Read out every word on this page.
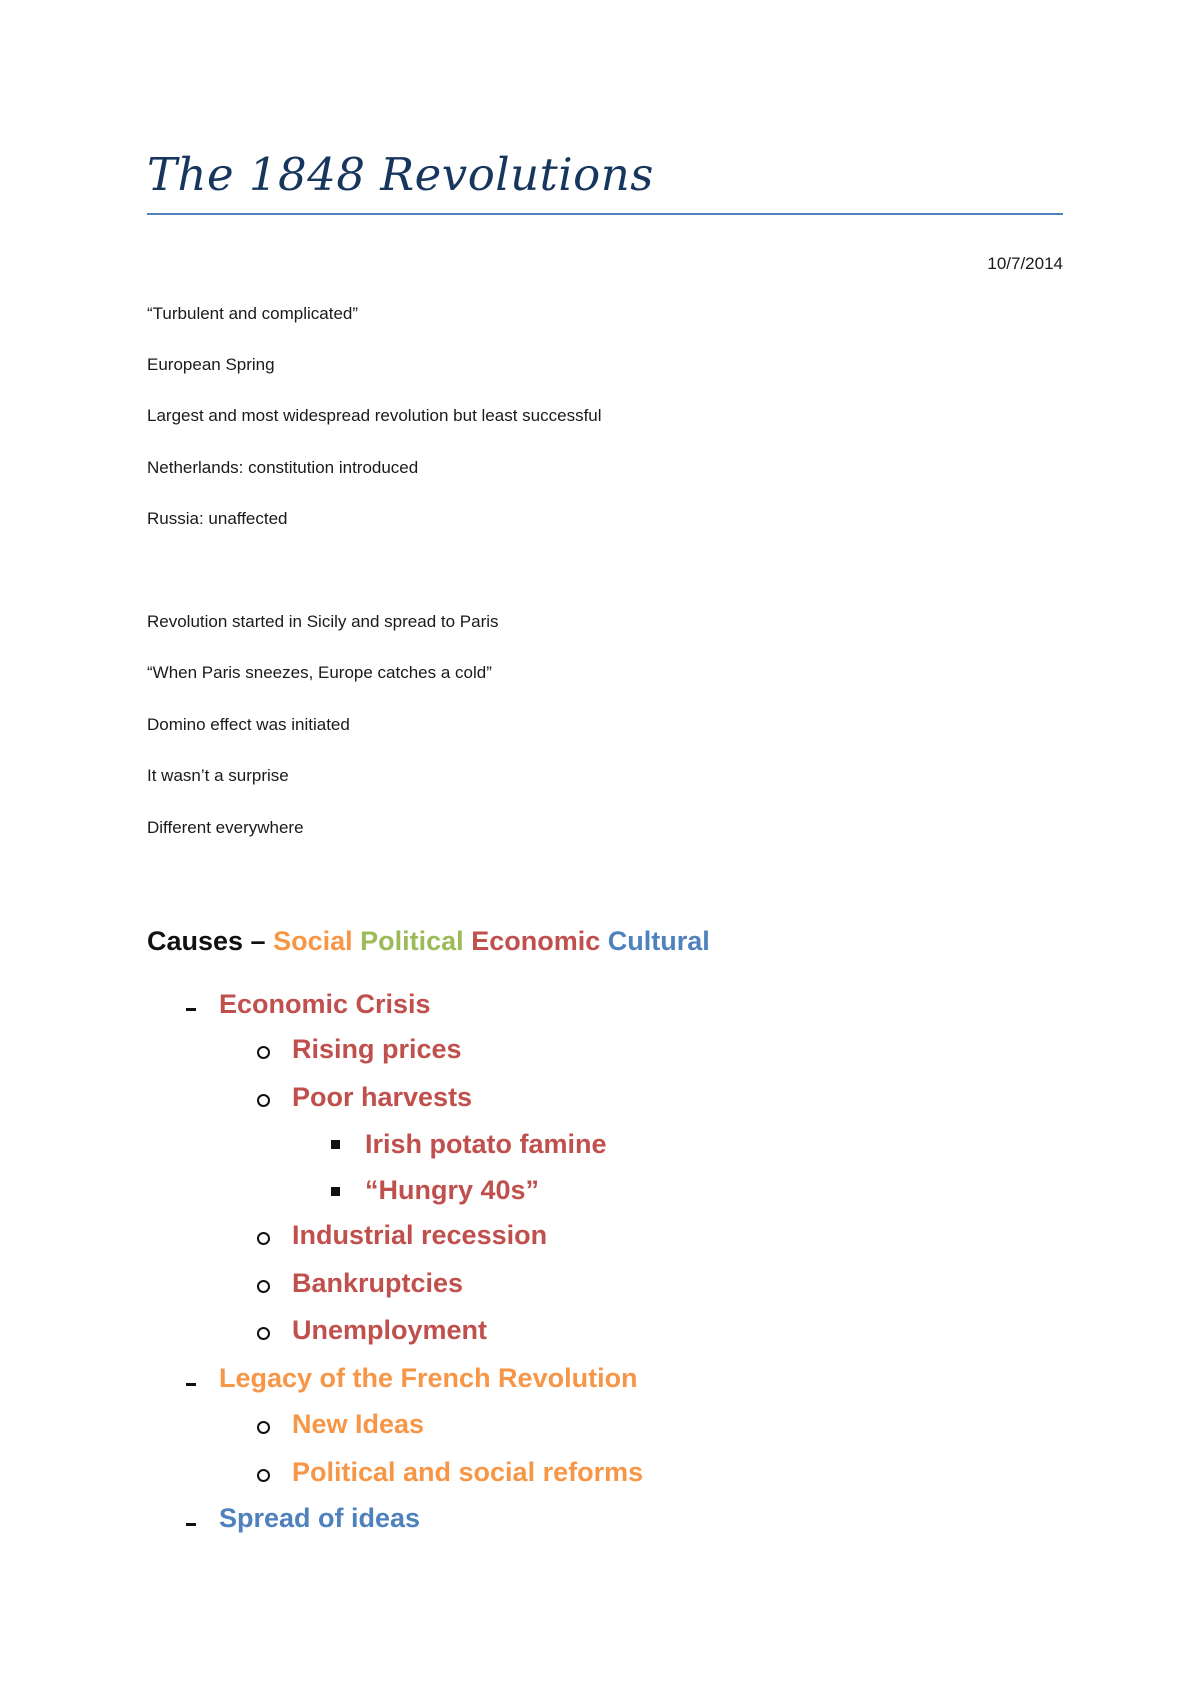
The 1848 Revolutions
10/7/2014
“Turbulent and complicated”
European Spring
Largest and most widespread revolution but least successful
Netherlands: constitution introduced
Russia: unaffected
Revolution started in Sicily and spread to Paris
“When Paris sneezes, Europe catches a cold”
Domino effect was initiated
It wasn’t a surprise
Different everywhere
Causes – Social Political Economic Cultural
Economic Crisis
Rising prices
Poor harvests
Irish potato famine
“Hungry 40s”
Industrial recession
Bankruptcies
Unemployment
Legacy of the French Revolution
New Ideas
Political and social reforms
Spread of ideas
